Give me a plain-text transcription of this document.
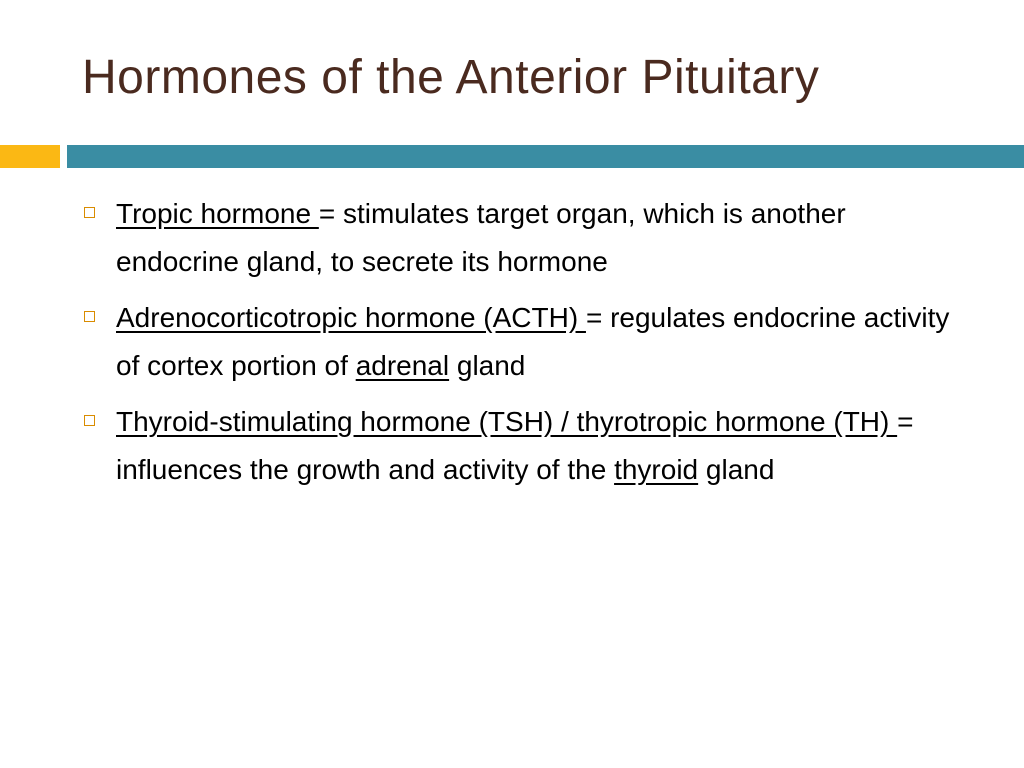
Hormones of the Anterior Pituitary
Tropic hormone = stimulates target organ, which is another endocrine gland, to secrete its hormone
Adrenocorticotropic hormone (ACTH) = regulates endocrine activity of cortex portion of adrenal gland
Thyroid-stimulating hormone (TSH) / thyrotropic hormone (TH) = influences the growth and activity of the thyroid gland
